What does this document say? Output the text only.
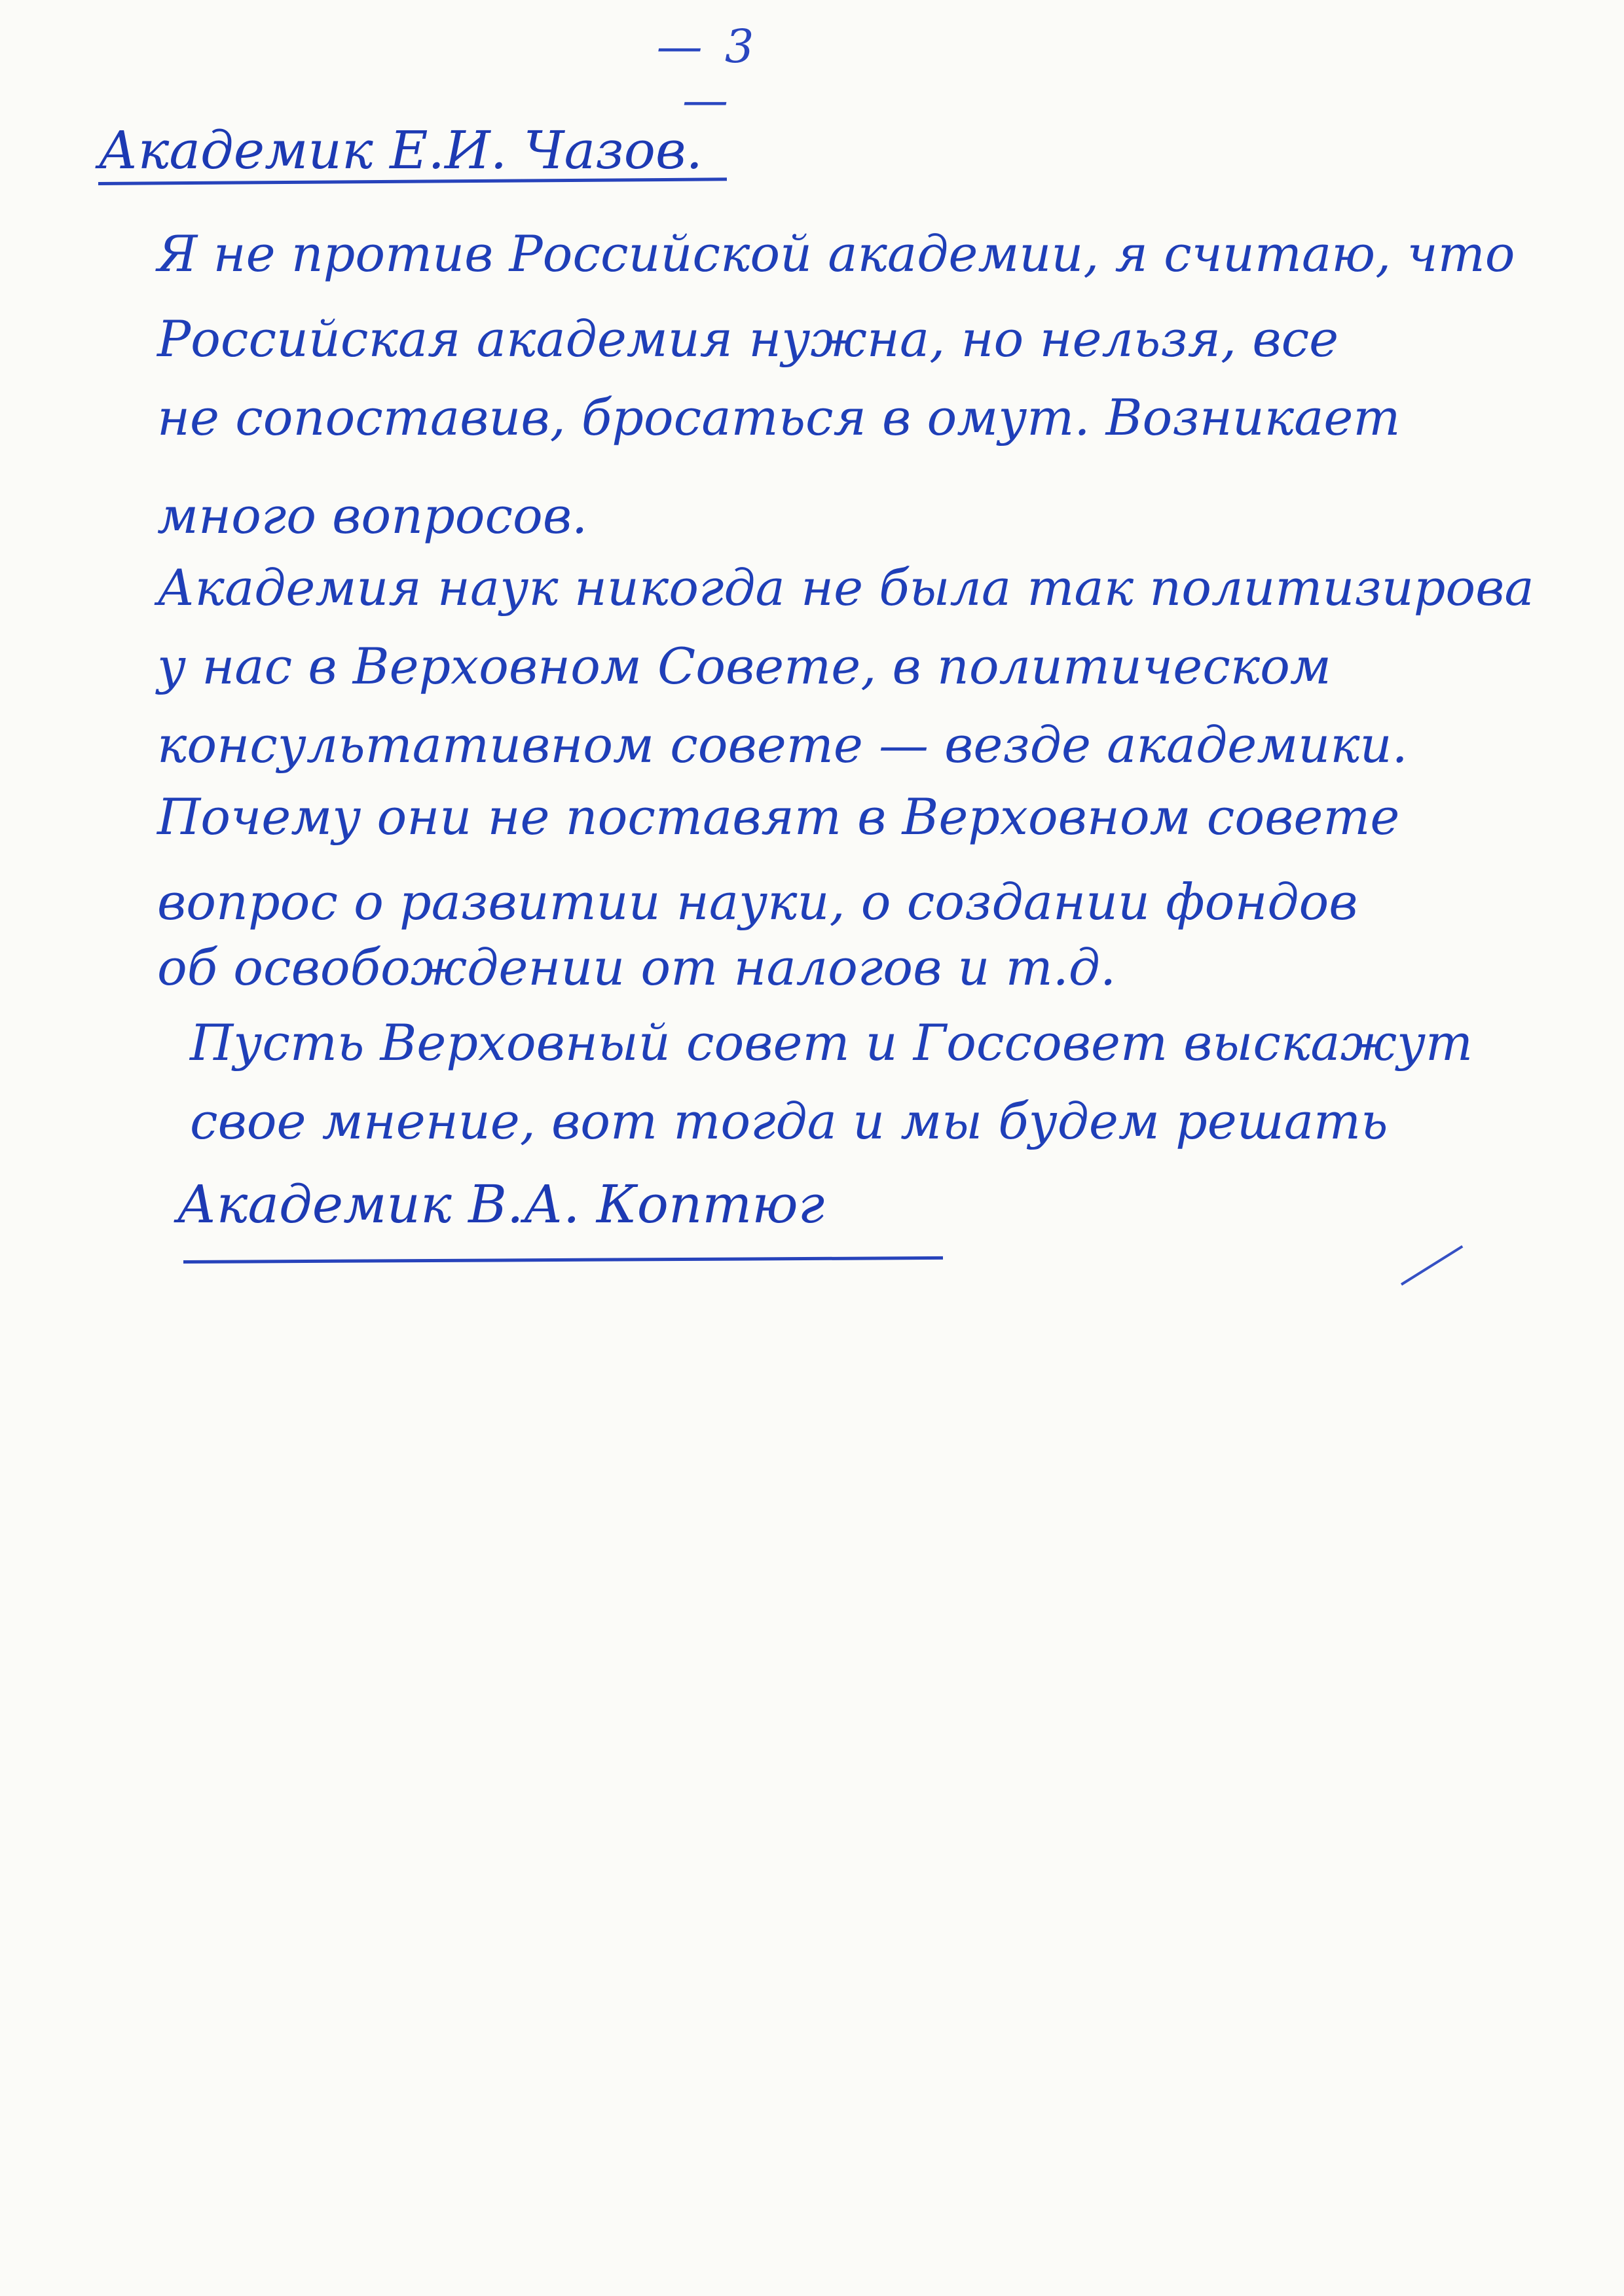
— 3 —
Академик Е.И. Чазов.
Я не против Российской академии, я считаю, что
Российская академия нужна, но нельзя, все
не сопоставив, бросаться в омут. Возникает
много вопросов.
Академия наук никогда не была так политизирова
у нас в Верховном Совете, в политическом
консультативном совете — везде академики.
Почему они не поставят в Верховном совете
вопрос о развитии науки, о создании фондов
об освобождении от налогов и т.д.
Пусть Верховный совет и Госсовет выскажут
свое мнение, вот тогда и мы будем решать
Академик В.А. Коптюг
